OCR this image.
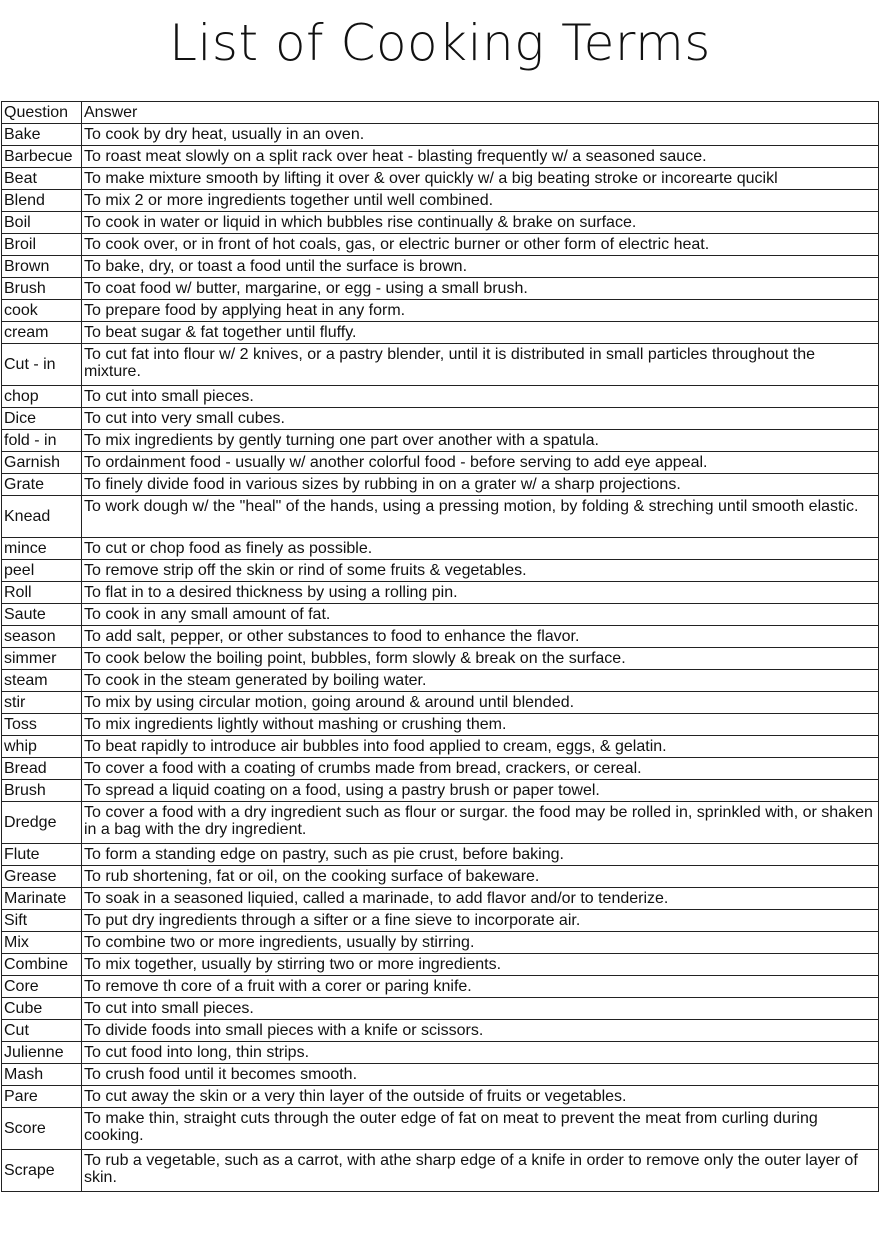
List of Cooking Terms
Question	Answer
Bake	To cook by dry heat, usually in an oven.
Barbecue	To roast meat slowly on a split rack over heat - blasting frequently w/ a seasoned sauce.
Beat	To make mixture smooth by lifting it over & over quickly w/ a big beating stroke or incorearte qucikl
Blend	To mix 2 or more ingredients together until well combined.
Boil	To cook in water or liquid in which bubbles rise continually & brake on surface.
Broil	To cook over, or in front of hot coals, gas, or electric burner or other form of electric heat.
Brown	To bake, dry, or toast a food until the surface is brown.
Brush	To coat food w/ butter, margarine, or egg - using a small brush.
cook	To prepare food by applying heat in any form.
cream	To beat sugar & fat together until fluffy.
Cut - in	To cut fat into flour w/ 2 knives, or a pastry blender, until it is distributed in small particles throughout the mixture.
chop	To cut into small pieces.
Dice	To cut into very small cubes.
fold - in	To mix ingredients by gently turning one part over another with a spatula.
Garnish	To ordainment food - usually w/ another colorful food - before serving to add eye appeal.
Grate	To finely divide food in various sizes by rubbing in on a grater w/ a sharp projections.
Knead	To work dough w/ the "heal" of the hands, using a pressing motion, by folding & streching until smooth elastic.
mince	To cut or chop food as finely as possible.
peel	To remove strip off the skin or rind of some fruits & vegetables.
Roll	To flat in to a desired thickness by using a rolling pin.
Saute	To cook in any small amount of fat.
season	To add salt, pepper, or other substances to food to enhance the flavor.
simmer	To cook below the boiling point, bubbles, form slowly & break on the surface.
steam	To cook in the steam generated by boiling water.
stir	To mix by using circular motion, going around & around until blended.
Toss	To mix ingredients lightly without mashing or crushing them.
whip	To beat rapidly to introduce air bubbles into food applied to cream, eggs, & gelatin.
Bread	To cover a food with a coating of crumbs made from bread, crackers, or cereal.
Brush	To spread a liquid coating on a food, using a pastry brush or paper towel.
Dredge	To cover a food with a dry ingredient such as flour or surgar. the food may be rolled in, sprinkled with, or shaken in a bag with the dry ingredient.
Flute	To form a standing edge on pastry, such as pie crust, before baking.
Grease	To rub shortening, fat or oil, on the cooking surface of bakeware.
Marinate	To soak in a seasoned liquied, called a marinade, to add flavor and/or to tenderize.
Sift	To put dry ingredients through a sifter or a fine sieve to incorporate air.
Mix	To combine two or more ingredients, usually by stirring.
Combine	To mix together, usually by stirring two or more ingredients.
Core	To remove th core of a fruit with a corer or paring knife.
Cube	To cut into small pieces.
Cut	To divide foods into small pieces with a knife or scissors.
Julienne	To cut food into long, thin strips.
Mash	To crush food until it becomes smooth.
Pare	To cut away the skin or a very thin layer of the outside of fruits or vegetables.
Score	To make thin, straight cuts through the outer edge of fat on meat to prevent the meat from curling during cooking.
Scrape	To rub a vegetable, such as a carrot, with athe sharp edge of a knife in order to remove only the outer layer of skin.
